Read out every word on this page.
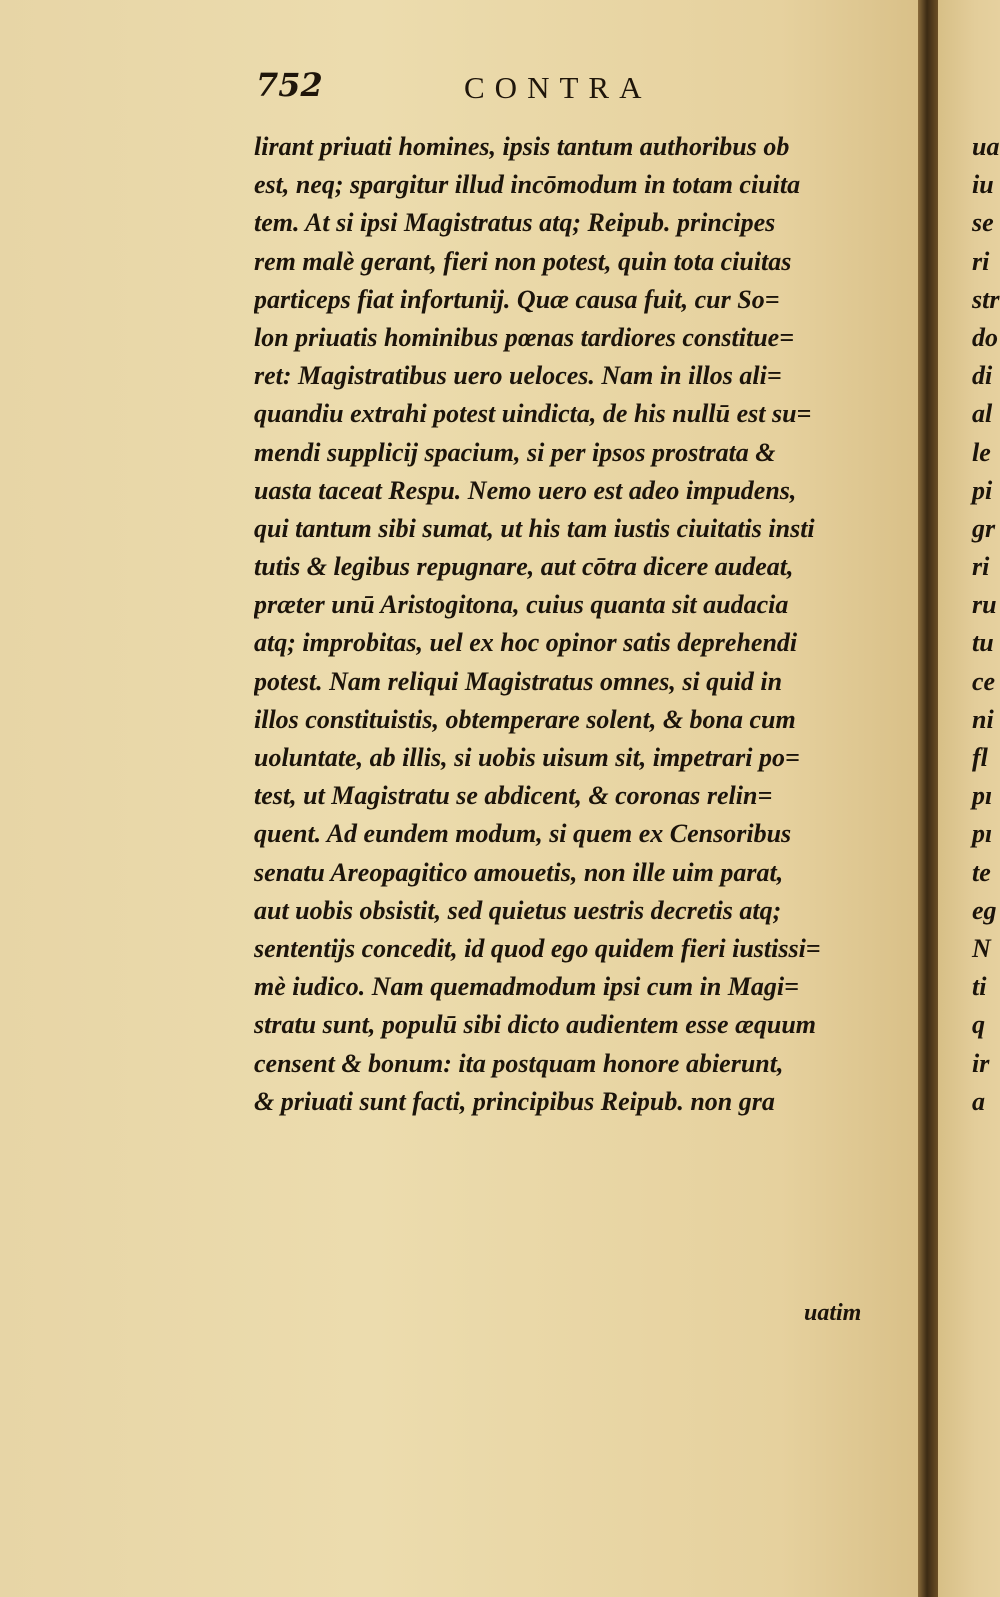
752	CONTRA
lirant priuati homines, ipsis tantum authoribus ob
est, neq; spargitur illud incōmodum in totam ciuita
tem. At si ipsi Magistratus atq; Reipub. principes
rem malè gerant, fieri non potest, quin tota ciuitas
particeps fiat infortunij. Quæ causa fuit, cur So=
lon priuatis hominibus pœnas tardiores constitue=
ret: Magistratibus uero ueloces. Nam in illos ali=
quandiu extrahi potest uindicta, de his nullū est su=
mendi supplicij spacium, si per ipsos prostrata &
uasta taceat Respu. Nemo uero est adeo impudens,
qui tantum sibi sumat, ut his tam iustis ciuitatis insti
tutis & legibus repugnare, aut cōtra dicere audeat,
præter unū Aristogitona, cuius quanta sit audacia
atq; improbitas, uel ex hoc opinor satis deprehendi
potest. Nam reliqui Magistratus omnes, si quid in
illos constituistis, obtemperare solent, & bona cum
uoluntate, ab illis, si uobis uisum sit, impetrari po=
test, ut Magistratu se abdicent, & coronas relin=
quent. Ad eundem modum, si quem ex Censoribus
senatu Areopagitico amouetis, non ille uim parat,
aut uobis obsistit, sed quietus uestris decretis atq;
sententijs concedit, id quod ego quidem fieri iustissi=
mè iudico. Nam quemadmodum ipsi cum in Magi=
stratu sunt, populū sibi dicto audientem esse æquum
censent & bonum: ita postquam honore abierunt,
& priuati sunt facti, principibus Reipub. non gra
uatim
ua
iu
se
ri
str
do
di
al
le
pi
gr
ri
ru
tu
ce
ni
fl
pı
pı
te
eg
N
ti
q
ir
a
